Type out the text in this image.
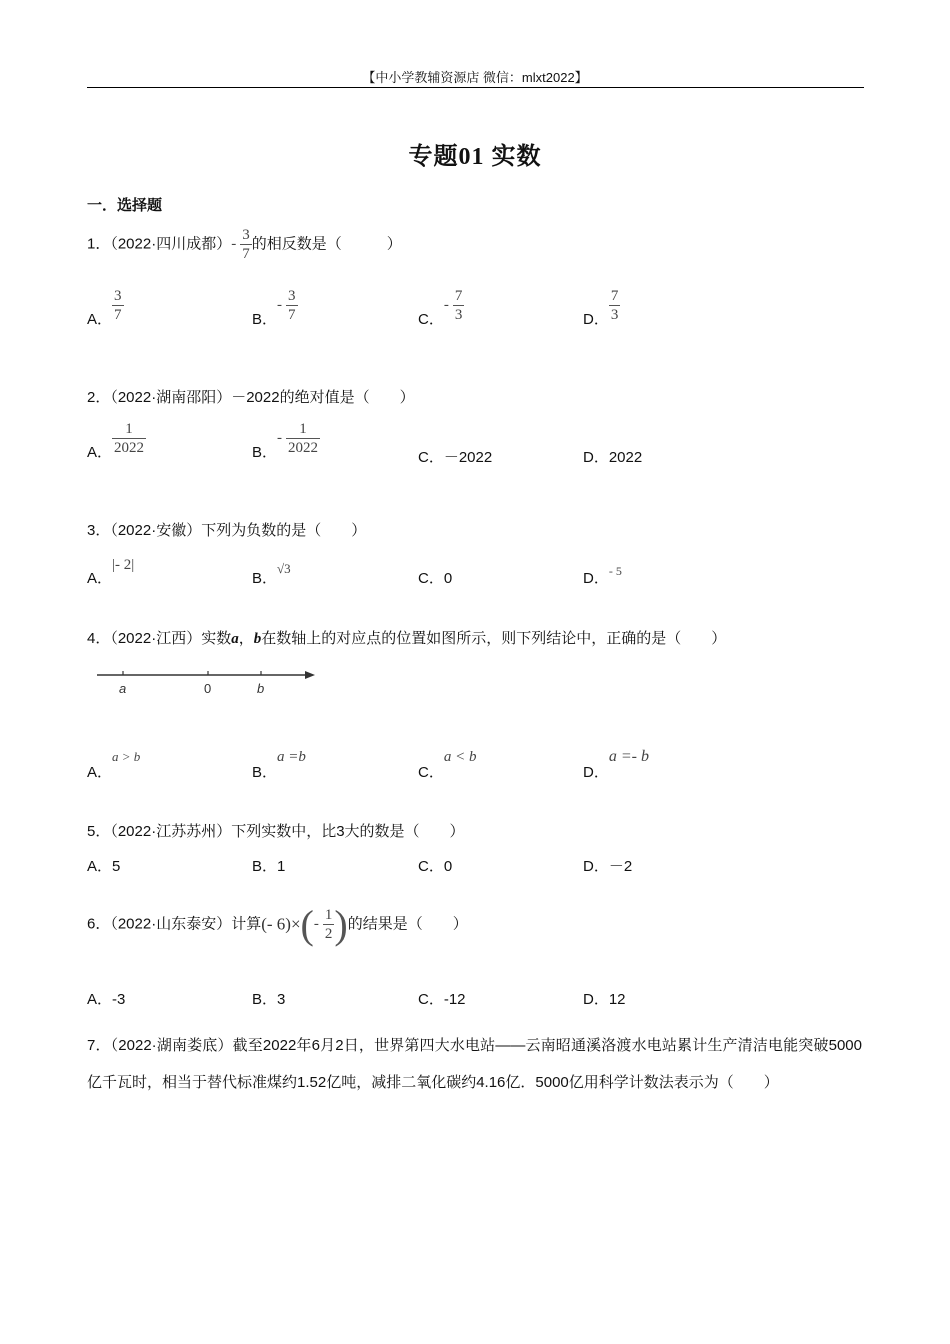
【中小学教辅资源店 微信：mlxt2022】
专题01 实数
一．选择题
1．（2022·四川成都）- $\frac{3}{7}$ 的相反数是（　　　）
A． $\frac{3}{7}$	B．- $\frac{3}{7}$	C．- $\frac{7}{3}$	D． $\frac{7}{3}$
2．（2022·湖南邵阳）－2022的绝对值是（　　）
A． $\frac{1}{2022}$	B．- $\frac{1}{2022}$
C．－2022	D．2022
3．（2022·安徽）下列为负数的是（　　）
A．|- 2|
B．√3
C．0	D．- 5
4．（2022·江西）实数a，b在数轴上的对应点的位置如图所示，则下列结论中，正确的是（　　）
a	0	b
A．a > b
B．a =b
C．a < b
D．a =- b
5．（2022·江苏苏州）下列实数中，比3大的数是（　　）
A．5	B．1	C．0	D．－2
6．（2022·山东泰安）计算(- $6)\times(- \frac{1}{2}$ )的结果是（　　）
A．-3	B．3	C．-12	D．12
7．（2022·湖南娄底）截至2022年6月2日，世界第四大水电站——云南昭通溪洛渡水电站累计生产清洁电能突破5000亿千瓦时，相当于替代标准煤约1.52亿吨，减排二氧化碳约4.16亿．5000亿用科学计数法表示为（　　）
